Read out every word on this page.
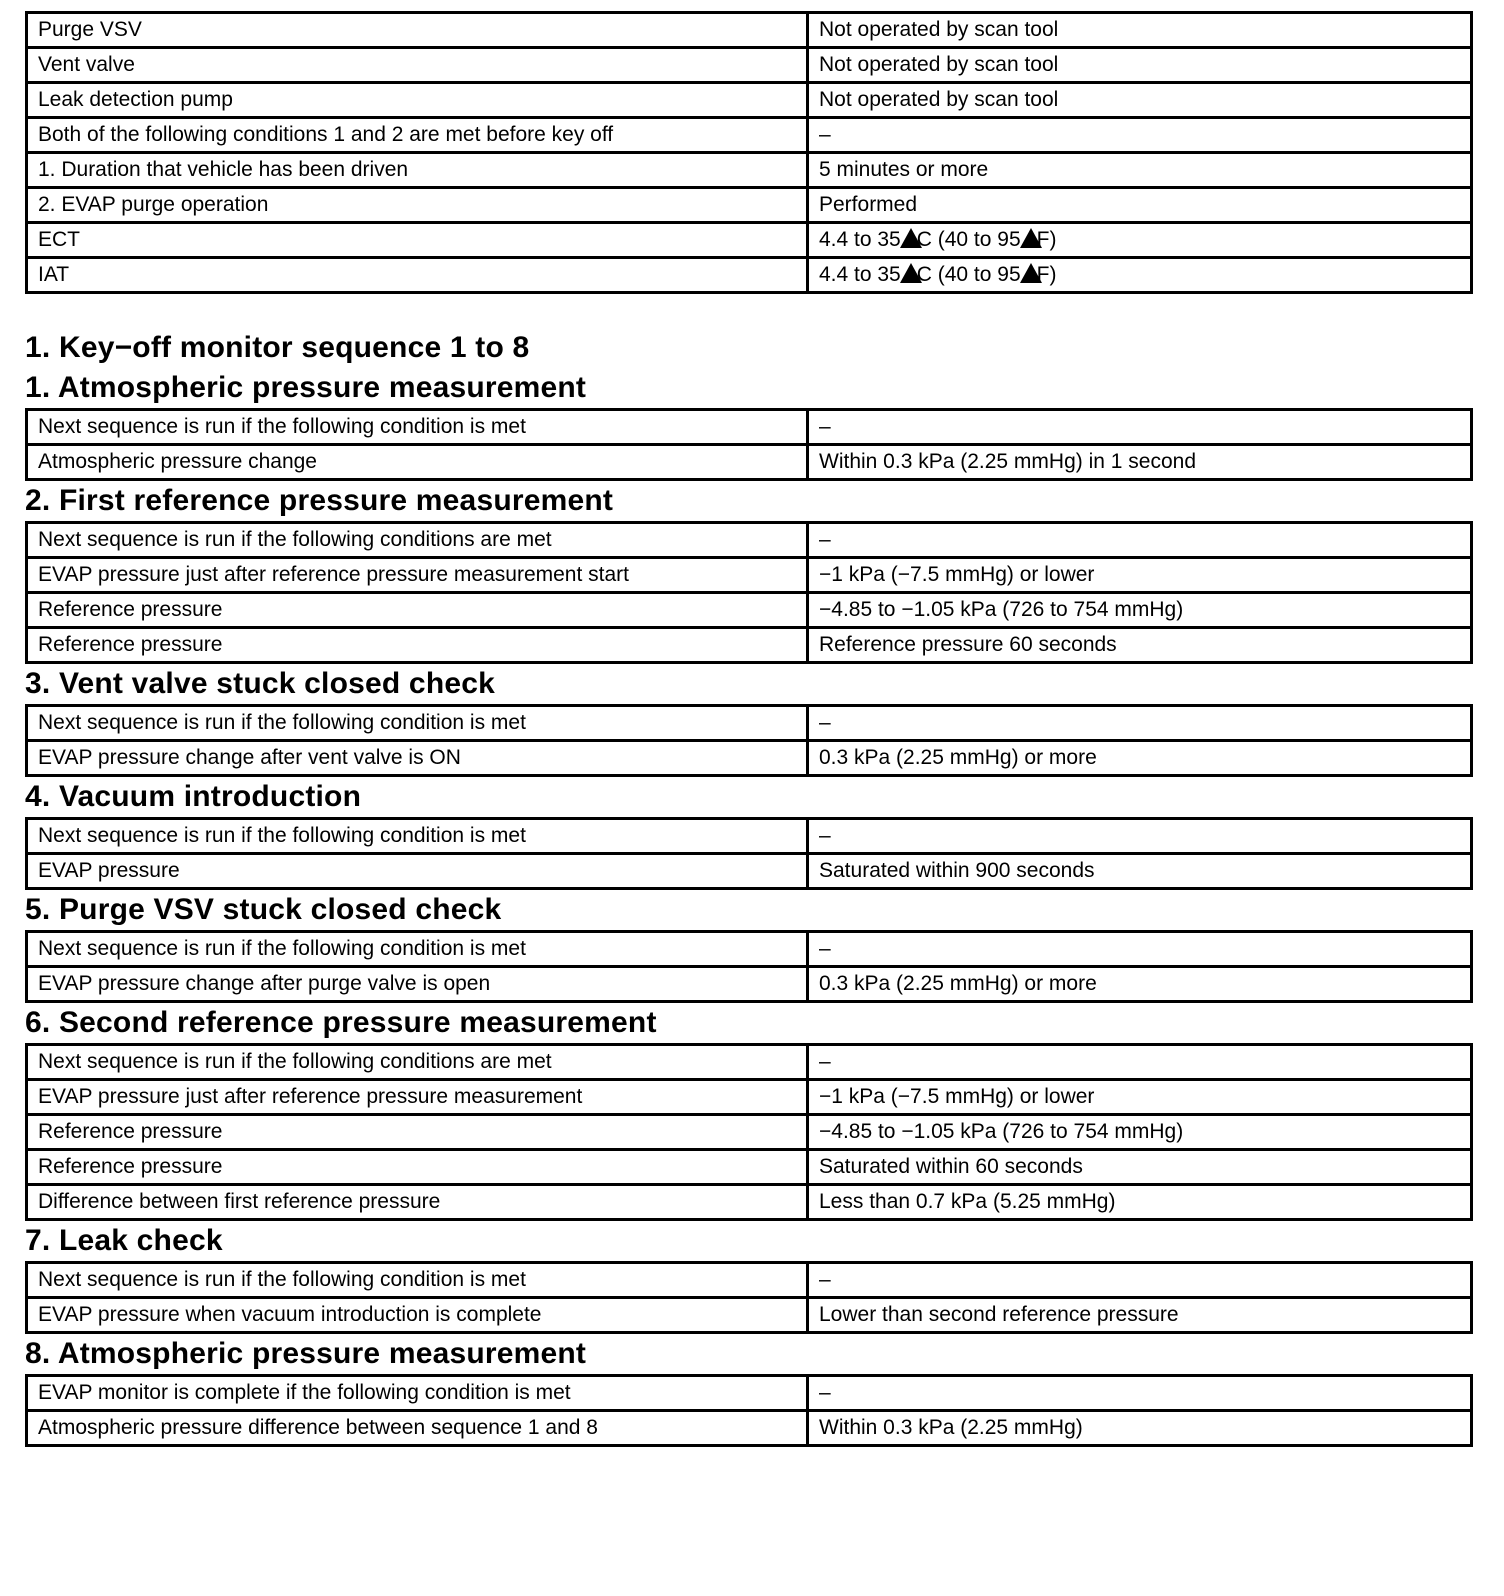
Purge VSV	Not operated by scan tool
Vent valve	Not operated by scan tool
Leak detection pump	Not operated by scan tool
Both of the following conditions 1 and 2 are met before key off	–
1. Duration that vehicle has been driven	5 minutes or more
2. EVAP purge operation	Performed
ECT	4.4 to 35 C (40 to 95 F)
IAT	4.4 to 35 C (40 to 95 F)
1. Key−off monitor sequence 1 to 8
1. Atmospheric pressure measurement
Next sequence is run if the following condition is met	–
Atmospheric pressure change	Within 0.3 kPa (2.25 mmHg) in 1 second
2. First reference pressure measurement
Next sequence is run if the following conditions are met	–
EVAP pressure just after reference pressure measurement start	−1 kPa (−7.5 mmHg) or lower
Reference pressure	−4.85 to −1.05 kPa (726 to 754 mmHg)
Reference pressure	Reference pressure 60 seconds
3. Vent valve stuck closed check
Next sequence is run if the following condition is met	–
EVAP pressure change after vent valve is ON	0.3 kPa (2.25 mmHg) or more
4. Vacuum introduction
Next sequence is run if the following condition is met	–
EVAP pressure	Saturated within 900 seconds
5. Purge VSV stuck closed check
Next sequence is run if the following condition is met	–
EVAP pressure change after purge valve is open	0.3 kPa (2.25 mmHg) or more
6. Second reference pressure measurement
Next sequence is run if the following conditions are met	–
EVAP pressure just after reference pressure measurement	−1 kPa (−7.5 mmHg) or lower
Reference pressure	−4.85 to −1.05 kPa (726 to 754 mmHg)
Reference pressure	Saturated within 60 seconds
Difference between first reference pressure	Less than 0.7 kPa (5.25 mmHg)
7. Leak check
Next sequence is run if the following condition is met	–
EVAP pressure when vacuum introduction is complete	Lower than second reference pressure
8. Atmospheric pressure measurement
EVAP monitor is complete if the following condition is met	–
Atmospheric pressure difference between sequence 1 and 8	Within 0.3 kPa (2.25 mmHg)
